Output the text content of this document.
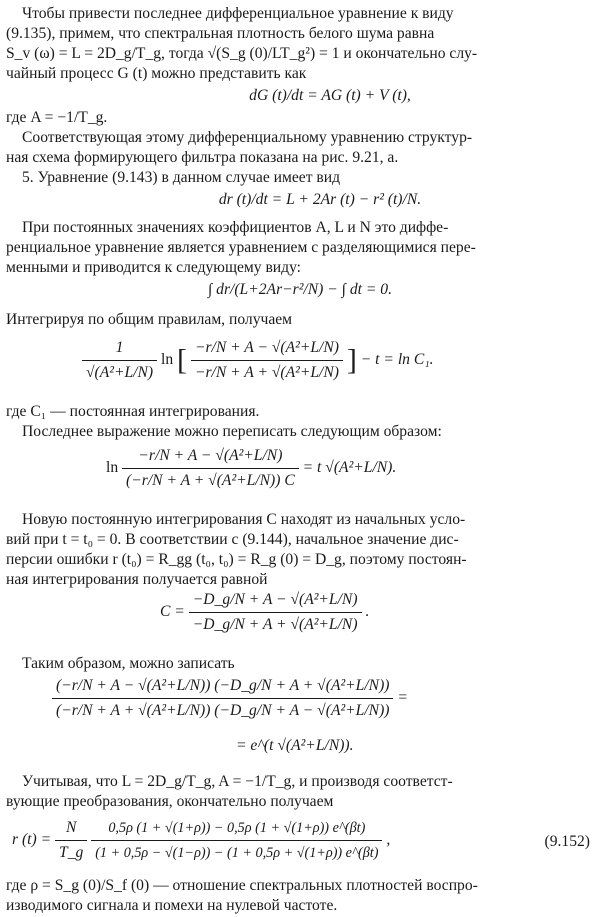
Чтобы привести последнее дифференциальное уравнение к виду
(9.135), примем, что спектральная плотность белого шума равна
S_v (ω) = L = 2D_g/T_g, тогда √(S_g (0)/LT_g²) = 1 и окончательно слу-
чайный процесс G (t) можно представить как
dG (t)/dt = AG (t) + V (t),
где A = −1/T_g.
Соответствующая этому дифференциальному уравнению структур-
ная схема формирующего фильтра показана на рис. 9.21, а.
5. Уравнение (9.143) в данном случае имеет вид
dr (t)/dt = L + 2Ar (t) − r² (t)/N.
При постоянных значениях коэффициентов A, L и N это диффе-
ренциальное уравнение является уравнением с разделяющимися пере-
менными и приводится к следующему виду:
∫ dr/(L+2Ar−r²/N) − ∫ dt = 0.
Интегрируя по общим правилам, получаем
$\frac{1}{\text{√(A²+L/N)}}$ ln [ $\frac{\text{−r/N + A − √(A²+L/N)}}{\text{−r/N + A + √(A²+L/N)}}$ ] − t = ln C₁.
где C₁ — постоянная интегрирования.
Последнее выражение можно переписать следующим образом:
$\ln \frac{\text{−r/N + A − √(A²+L/N)}}{\text{(−r/N + A + √(A²+L/N)) C}} = t$ √(A²+L/N).
Новую постоянную интегрирования C находят из начальных усло-
вий при t = t₀ = 0. В соответствии с (9.144), начальное значение дис-
персии ошибки r (t₀) = R_gg (t₀, t₀) = R_g (0) = D_g, поэтому постоян-
ная интегрирования получается равной
$C = \frac{\text{−D\_g/N + A − √(A²+L/N)}}{\text{−D\_g/N + A + √(A²+L/N)}}$ .
Таким образом, можно записать
$\frac{\text{(−r/N + A − √(A²+L/N)) (−D\_g/N + A + √(A²+L/N))}}{\text{(−r/N + A + √(A²+L/N)) (−D\_g/N + A − √(A²+L/N))}}$ =
= e^(t √(A²+L/N)).
Учитывая, что L = 2D_g/T_g, A = −1/T_g, и производя соответст-
вующие преобразования, окончательно получаем
r $(t) = \frac{N}{T\_g}$
$\frac{0,5\rho (1 + √(1+\rho)) - 0,5\rho (1 + √(1+\rho)) e\^{}(\beta t)}{(1 + 0,5\rho - √(1-\rho)) - (1 + 0,5\rho + √(1+\rho)) e\^{}(\beta t)}$ ,	(9.152)
где ρ = S_g (0)/S_f (0) — отношение спектральных плотностей воспро-
изводимого сигнала и помехи на нулевой частоте.
